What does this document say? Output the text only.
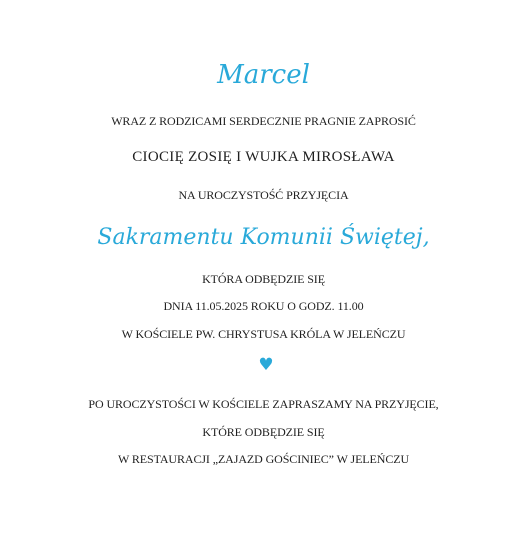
Marcel
WRAZ Z RODZICAMI SERDECZNIE PRAGNIE ZAPROSIĆ
CIOCIĘ ZOSIĘ I WUJKA MIROSŁAWA
NA UROCZYSTOŚĆ PRZYJĘCIA
Sakramentu Komunii Świętej,
KTÓRA ODBĘDZIE SIĘ
DNIA 11.05.2025 ROKU O GODZ. 11.00
W KOŚCIELE PW. CHRYSTUSA KRÓLA W JELEŃCZU
♥
PO UROCZYSTOŚCI W KOŚCIELE ZAPRASZAMY NA PRZYJĘCIE,
KTÓRE ODBĘDZIE SIĘ
W RESTAURACJI „ZAJAZD GOŚCINIEC” W JELEŃCZU
